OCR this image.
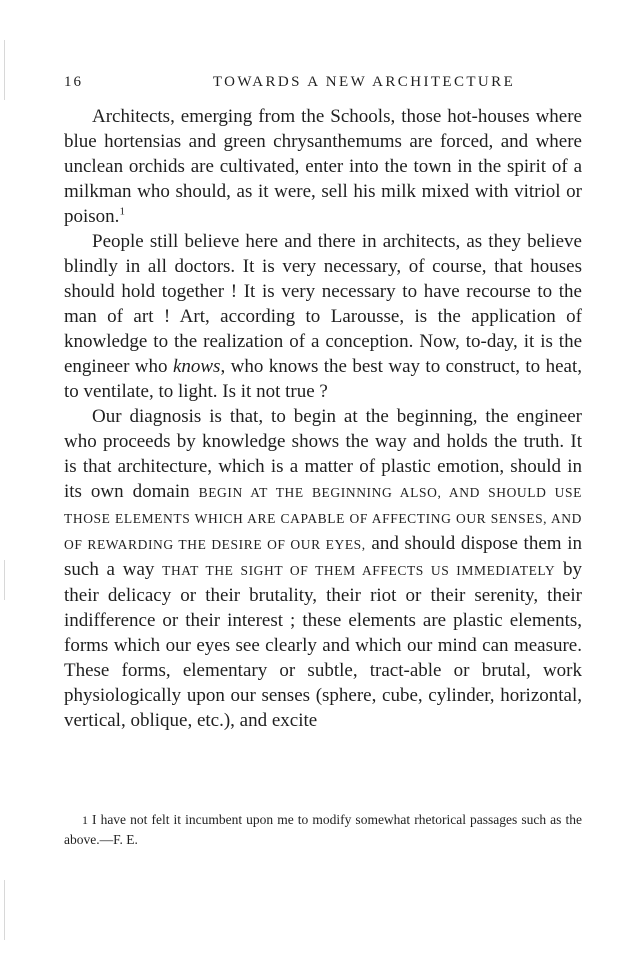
16	TOWARDS A NEW ARCHITECTURE

Architects, emerging from the Schools, those hot-houses where blue hortensias and green chrysanthemums are forced, and where unclean orchids are cultivated, enter into the town in the spirit of a milkman who should, as it were, sell his milk mixed with vitriol or poison.$^1$

People still believe here and there in architects, as they believe blindly in all doctors. It is very necessary, of course, that houses should hold together ! It is very necessary to have recourse to the man of art ! Art, according to Larousse, is the application of knowledge to the realization of a conception. Now, to-day, it is the engineer who knows, who knows the best way to construct, to heat, to ventilate, to light. Is it not true ?

Our diagnosis is that, to begin at the beginning, the engineer who proceeds by knowledge shows the way and holds the truth. It is that architecture, which is a matter of plastic emotion, should in its own domain BEGIN AT THE BEGINNING ALSO, AND SHOULD USE THOSE ELEMENTS WHICH ARE CAPABLE OF AFFECTING OUR SENSES, AND OF REWARDING THE DESIRE OF OUR EYES, and should dispose them in such a way THAT THE SIGHT OF THEM AFFECTS US IMMEDIATELY by their delicacy or their brutality, their riot or their serenity, their indifference or their interest ; these elements are plastic elements, forms which our eyes see clearly and which our mind can measure. These forms, elementary or subtle, tract-able or brutal, work physiologically upon our senses (sphere, cube, cylinder, horizontal, vertical, oblique, etc.), and excite

1 I have not felt it incumbent upon me to modify somewhat rhetorical passages such as the above.—F. E.
